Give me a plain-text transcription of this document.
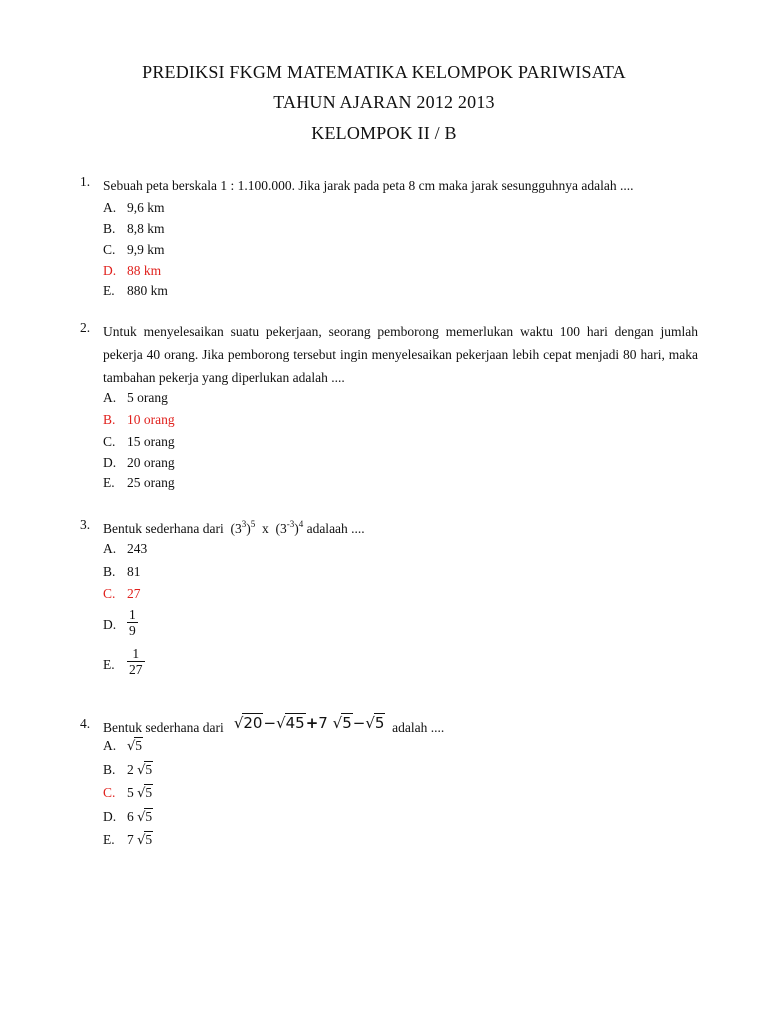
PREDIKSI FKGM MATEMATIKA KELOMPOK PARIWISATA
TAHUN AJARAN 2012 2013
KELOMPOK II / B
1. Sebuah peta berskala 1 : 1.100.000. Jika jarak pada peta 8 cm maka jarak sesungguhnya adalah ....
A. 9,6 km
B. 8,8 km
C. 9,9 km
D. 88 km
E. 880 km
2. Untuk menyelesaikan suatu pekerjaan, seorang pemborong memerlukan waktu 100 hari dengan jumlah pekerja 40 orang. Jika pemborong tersebut ingin menyelesaikan pekerjaan lebih cepat menjadi 80 hari, maka tambahan pekerja yang diperlukan adalah ....
A. 5 orang
B. 10 orang
C. 15 orang
D. 20 orang
E. 25 orang
3. Bentuk sederhana dari $(3^3)^5$ x  $(3^{-3})^4$ adalaah ....
A. 243
B. 81
C. 27
D.
1
9
E.
1
27
4. Bentuk sederhana dari √20−√45+7 √5−√5 adalah ....
A. √5
B. 2 √5
C. 5 √5
D. 6 √5
E. 7 √5
